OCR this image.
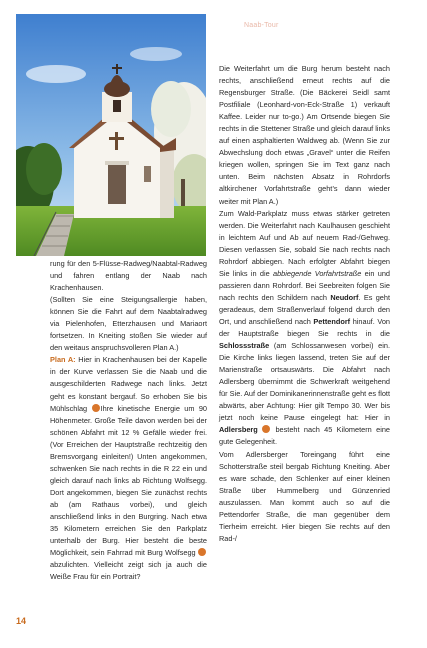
Naab-Tour

rung für den 5-Flüsse-Radweg/Naabtal-Radweg und fahren entlang der Naab nach Krachenhausen.

(Sollten Sie eine Steigungsallergie haben, können Sie die Fahrt auf dem Naabtalradweg via Pielenhofen, Etterzhausen und Mariaort fortsetzen. In Kneiting stoßen Sie wieder auf den weitaus anspruchsvolleren Plan A.)

Plan A: Hier in Krachenhausen bei der Kapelle in der Kurve verlassen Sie die Naab und die ausgeschilderten Radwege nach links. Jetzt geht es konstant bergauf. So erhoben Sie bis Mühlschlag Ihre kinetische Energie um 90 Höhenmeter. Große Teile davon werden bei der schönen Abfahrt mit 12 % Gefälle wieder frei. (Vor Erreichen der Hauptstraße rechtzeitig den Bremsvorgang einleiten!) Unten angekommen, schwenken Sie nach rechts in die R 22 ein und gleich darauf nach links ab Richtung Wolfsegg. Dort angekommen, biegen Sie zunächst rechts ab (am Rathaus vorbei), und gleich anschließend links in den Burgring. Nach etwa 35 Kilometern erreichen Sie den Parkplatz unterhalb der Burg. Hier besteht die beste Möglichkeit, sein Fahrrad mit Burg Wolfsegg abzulichten. Vielleicht zeigt sich ja auch die Weiße Frau für ein Portrait?

Die Weiterfahrt um die Burg herum besteht nach rechts, anschließend erneut rechts auf die Regensburger Straße. (Die Bäckerei Seidl samt Postfiliale (Leonhard-von-Eck-Straße 1) verkauft Kaffee. Leider nur to-go.) Am Ortsende biegen Sie rechts in die Stettener Straße und gleich darauf links auf einen asphaltierten Waldweg ab. (Wenn Sie zur Abwechslung doch etwas „Gravel“ unter die Reifen kriegen wollen, springen Sie im Text ganz nach unten. Beim nächsten Absatz in Rohrdorfs altkirchener Vorfahrtstraße geht’s dann wieder weiter mit Plan A.)

Zum Wald-Parkplatz muss etwas stärker getreten werden. Die Weiterfahrt nach Kaulhausen geschieht in leichtem Auf und Ab auf neuem Rad-/Gehweg. Diesen verlassen Sie, sobald Sie nach rechts nach Rohrdorf abbiegen. Nach erfolgter Abfahrt biegen Sie links in die abbiegende Vorfahrtstraße ein und passieren dann Rohrdorf. Bei Seebreiten folgen Sie nach rechts den Schildern nach Neudorf. Es geht geradeaus, dem Straßenverlauf folgend durch den Ort, und anschließend nach Pettendorf hinauf. Von der Hauptstraße biegen Sie rechts in die Schlossstraße (am Schlossanwesen vorbei) ein. Die Kirche links liegen lassend, treten Sie auf der Marienstraße ortsauswärts. Die Abfahrt nach Adlersberg übernimmt die Schwerkraft weitgehend für Sie. Auf der Dominikanerinnenstraße geht es flott abwärts, aber Achtung: Hier gilt Tempo 30. Wer bis jetzt noch keine Pause eingelegt hat: Hier in Adlersberg  besteht nach 45 Kilometern eine gute Gelegenheit.

Vom Adlersberger Toreingang führt eine Schotterstraße steil bergab Richtung Kneiting. Aber es ware schade, den Schlenker auf einer kleinen Straße über Hummelberg und Günzenried auszulassen. Man kommt auch so auf die Pettendorfer Straße, die man gegenüber dem Tierheim erreicht. Hier biegen Sie rechts auf den Rad-/

14
